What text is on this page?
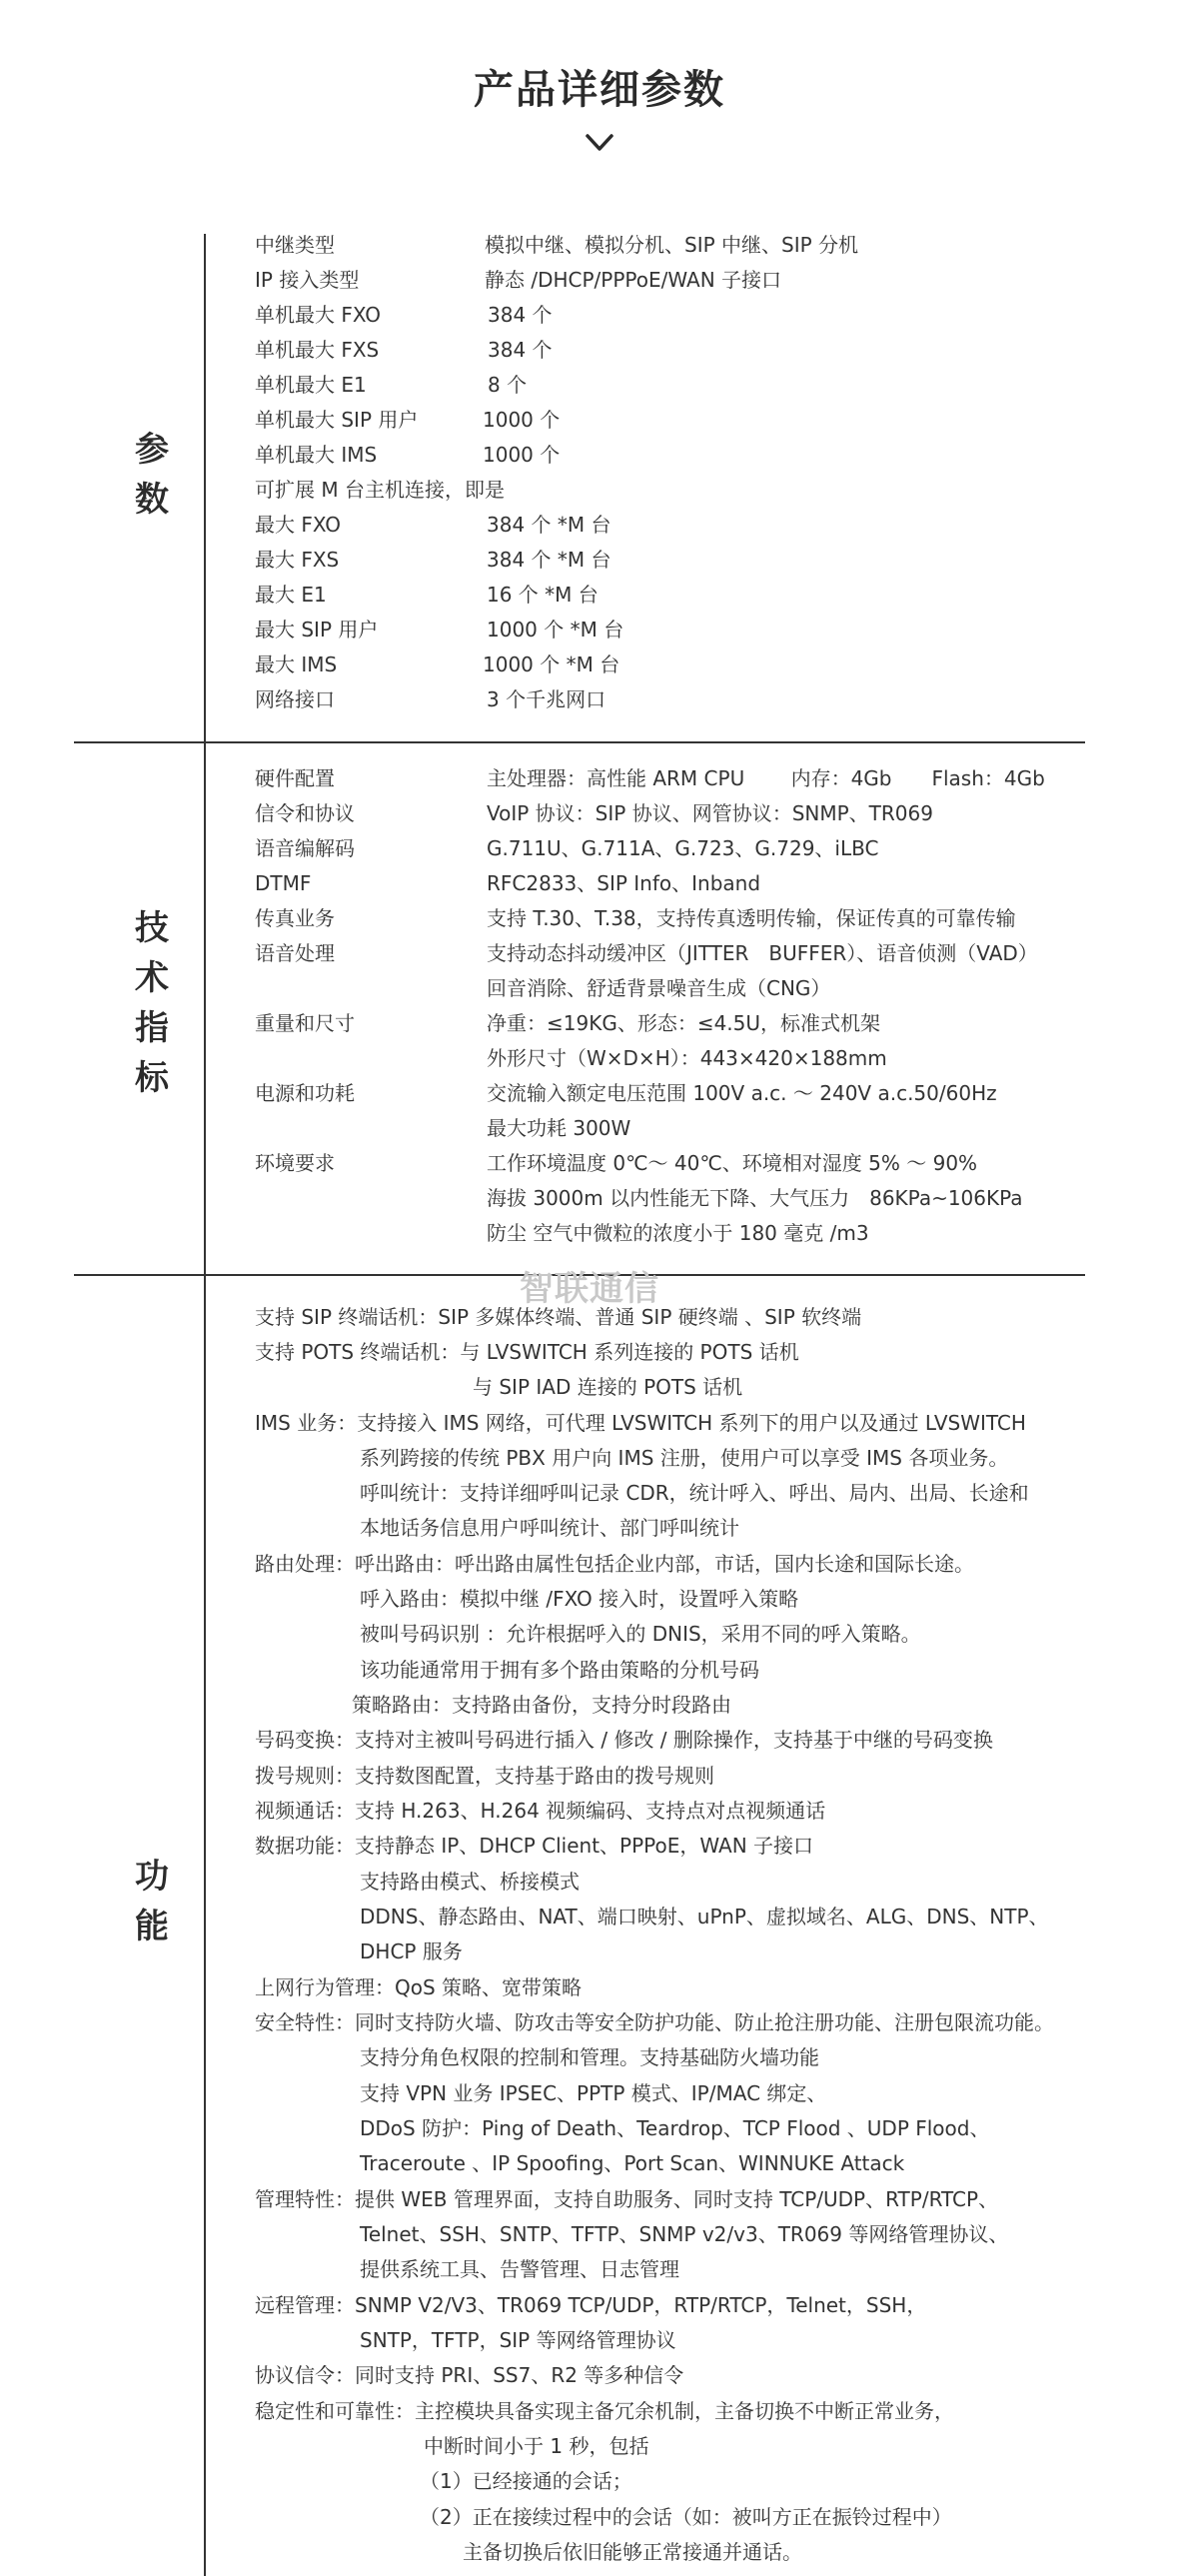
产品详细参数
参
数
技
术
指
标
功
能
中继类型	模拟中继、模拟分机、SIP 中继、SIP 分机
IP 接入类型	静态 /DHCP/PPPoE/WAN 子接口
单机最大 FXO	384 个
单机最大 FXS	384 个
单机最大 E1	8 个
单机最大 SIP 用户	1000 个
单机最大 IMS	1000 个
可扩展 M 台主机连接，即是
最大 FXO	384 个 *M 台
最大 FXS	384 个 *M 台
最大 E1	16 个 *M 台
最大 SIP 用户	1000 个 *M 台
最大 IMS	1000 个 *M 台
网络接口	3 个千兆网口
硬件配置	主处理器：高性能 ARM CPU　　 内存：4Gb　　Flash：4Gb
信令和协议	VoIP 协议：SIP 协议、网管协议：SNMP、TR069
语音编解码	G.711U、G.711A、G.723、G.729、iLBC
DTMF	RFC2833、SIP Info、Inband
传真业务	支持 T.30、T.38，支持传真透明传输，保证传真的可靠传输
语音处理	支持动态抖动缓冲区（JITTER　BUFFER）、语音侦测（VAD）
回音消除、舒适背景噪音生成（CNG）
重量和尺寸	净重：≤19KG、形态：≤4.5U，标准式机架
外形尺寸（W×D×H）：443×420×188mm
电源和功耗	交流输入额定电压范围 100V a.c. ～ 240V a.c.50/60Hz
最大功耗 300W
环境要求	工作环境温度 0℃～ 40℃、环境相对湿度 5% ～ 90%
海拔 3000m 以内性能无下降、大气压力　86KPa~106KPa
防尘 空气中微粒的浓度小于 180 毫克 /m3
智联通信
支持 SIP 终端话机：SIP 多媒体终端、普通 SIP 硬终端 、SIP 软终端
支持 POTS 终端话机：与 LVSWITCH 系列连接的 POTS 话机
与 SIP IAD 连接的 POTS 话机
IMS 业务：支持接入 IMS 网络，可代理 LVSWITCH 系列下的用户以及通过 LVSWITCH
系列跨接的传统 PBX 用户向 IMS 注册，使用户可以享受 IMS 各项业务。
呼叫统计：支持详细呼叫记录 CDR，统计呼入、呼出、局内、出局、长途和
本地话务信息用户呼叫统计、部门呼叫统计
路由处理：呼出路由：呼出路由属性包括企业内部，市话，国内长途和国际长途。
呼入路由：模拟中继 /FXO 接入时，设置呼入策略
被叫号码识别 ：允许根据呼入的 DNIS，采用不同的呼入策略。
该功能通常用于拥有多个路由策略的分机号码
策略路由：支持路由备份，支持分时段路由
号码变换：支持对主被叫号码进行插入 / 修改 / 删除操作，支持基于中继的号码变换
拨号规则：支持数图配置，支持基于路由的拨号规则
视频通话：支持 H.263、H.264 视频编码、支持点对点视频通话
数据功能：支持静态 IP、DHCP Client、PPPoE，WAN 子接口
支持路由模式、桥接模式
DDNS、静态路由、NAT、端口映射、uPnP、虚拟域名、ALG、DNS、NTP、
DHCP 服务
上网行为管理：QoS 策略、宽带策略
安全特性：同时支持防火墙、防攻击等安全防护功能、防止抢注册功能、注册包限流功能。
支持分角色权限的控制和管理。支持基础防火墙功能
支持 VPN 业务 IPSEC、PPTP 模式、IP/MAC 绑定、
DDoS 防护：Ping of Death、Teardrop、TCP Flood 、UDP Flood、
Traceroute 、IP Spoofing、Port Scan、WINNUKE Attack
管理特性：提供 WEB 管理界面，支持自助服务、同时支持 TCP/UDP、RTP/RTCP、
Telnet、SSH、SNTP、TFTP、SNMP v2/v3、TR069 等网络管理协议、
提供系统工具、告警管理、日志管理
远程管理：SNMP V2/V3、TR069 TCP/UDP，RTP/RTCP，Telnet，SSH，
SNTP，TFTP，SIP 等网络管理协议
协议信令：同时支持 PRI、SS7、R2 等多种信令
稳定性和可靠性：主控模块具备实现主备冗余机制，主备切换不中断正常业务，
中断时间小于 1 秒，包括
（1）已经接通的会话；
（2）正在接续过程中的会话（如：被叫方正在振铃过程中）
主备切换后依旧能够正常接通并通话。
